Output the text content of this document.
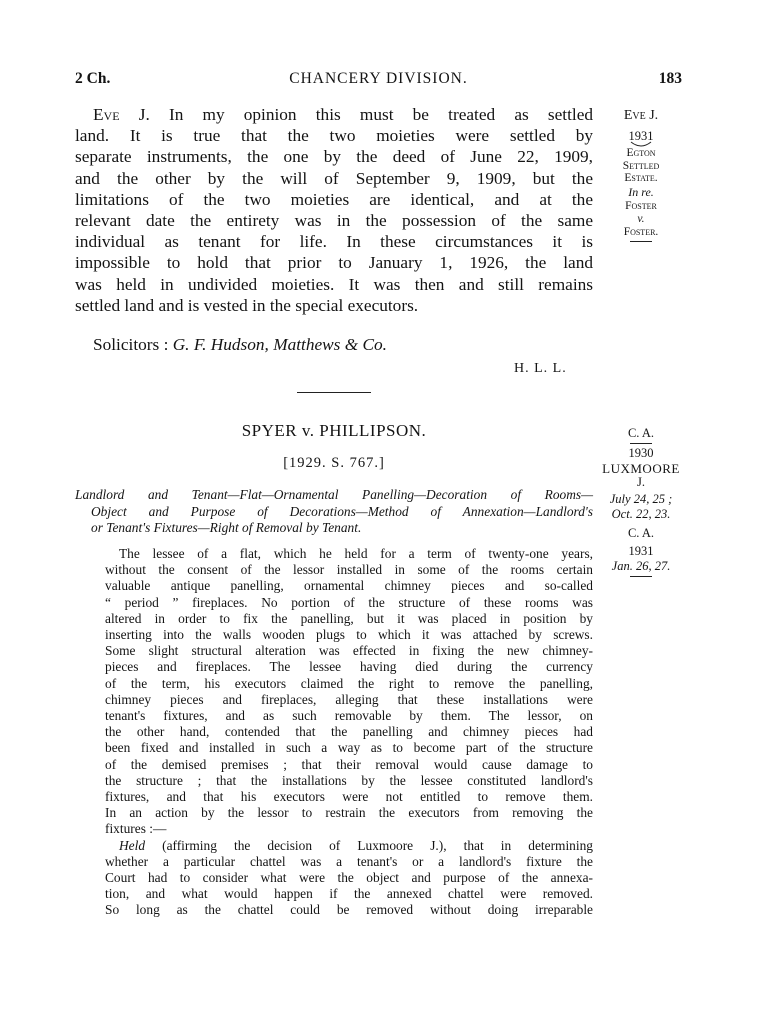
2 Ch.	CHANCERY DIVISION.	183
Eve J. In my opinion this must be treated as settled
land. It is true that the two moieties were settled by
separate instruments, the one by the deed of June 22, 1909,
and the other by the will of September 9, 1909, but the
limitations of the two moieties are identical, and at the
relevant date the entirety was in the possession of the same
individual as tenant for life. In these circumstances it is
impossible to hold that prior to January 1, 1926, the land
was held in undivided moieties. It was then and still remains
settled land and is vested in the special executors.
Solicitors : G. F. Hudson, Matthews & Co.
H. L. L.
SPYER v. PHILLIPSON.
[1929. S. 767.]
Landlord and Tenant—Flat—Ornamental Panelling—Decoration of Rooms—
Object and Purpose of Decorations—Method of Annexation—Landlord's
or Tenant's Fixtures—Right of Removal by Tenant.
The lessee of a flat, which he held for a term of twenty-one years,
without the consent of the lessor installed in some of the rooms certain
valuable antique panelling, ornamental chimney pieces and so-called
“ period ” fireplaces. No portion of the structure of these rooms was
altered in order to fix the panelling, but it was placed in position by
inserting into the walls wooden plugs to which it was attached by screws.
Some slight structural alteration was effected in fixing the new chimney-
pieces and fireplaces. The lessee having died during the currency
of the term, his executors claimed the right to remove the panelling,
chimney pieces and fireplaces, alleging that these installations were
tenant's fixtures, and as such removable by them. The lessor, on
the other hand, contended that the panelling and chimney pieces had
been fixed and installed in such a way as to become part of the structure
of the demised premises ; that their removal would cause damage to
the structure ; that the installations by the lessee constituted landlord's
fixtures, and that his executors were not entitled to remove them.
In an action by the lessor to restrain the executors from removing the
fixtures :—
Held (affirming the decision of Luxmoore J.), that in determining
whether a particular chattel was a tenant's or a landlord's fixture the
Court had to consider what were the object and purpose of the annexa-
tion, and what would happen if the annexed chattel were removed.
So long as the chattel could be removed without doing irreparable
Eve J.
1931
Egton
Settled
Estate.
In re.
Foster
v.
Foster.
C. A.
1930
LUXMOORE
J.
July 24, 25 ;
Oct. 22, 23.
C. A.
1931
Jan. 26, 27.
